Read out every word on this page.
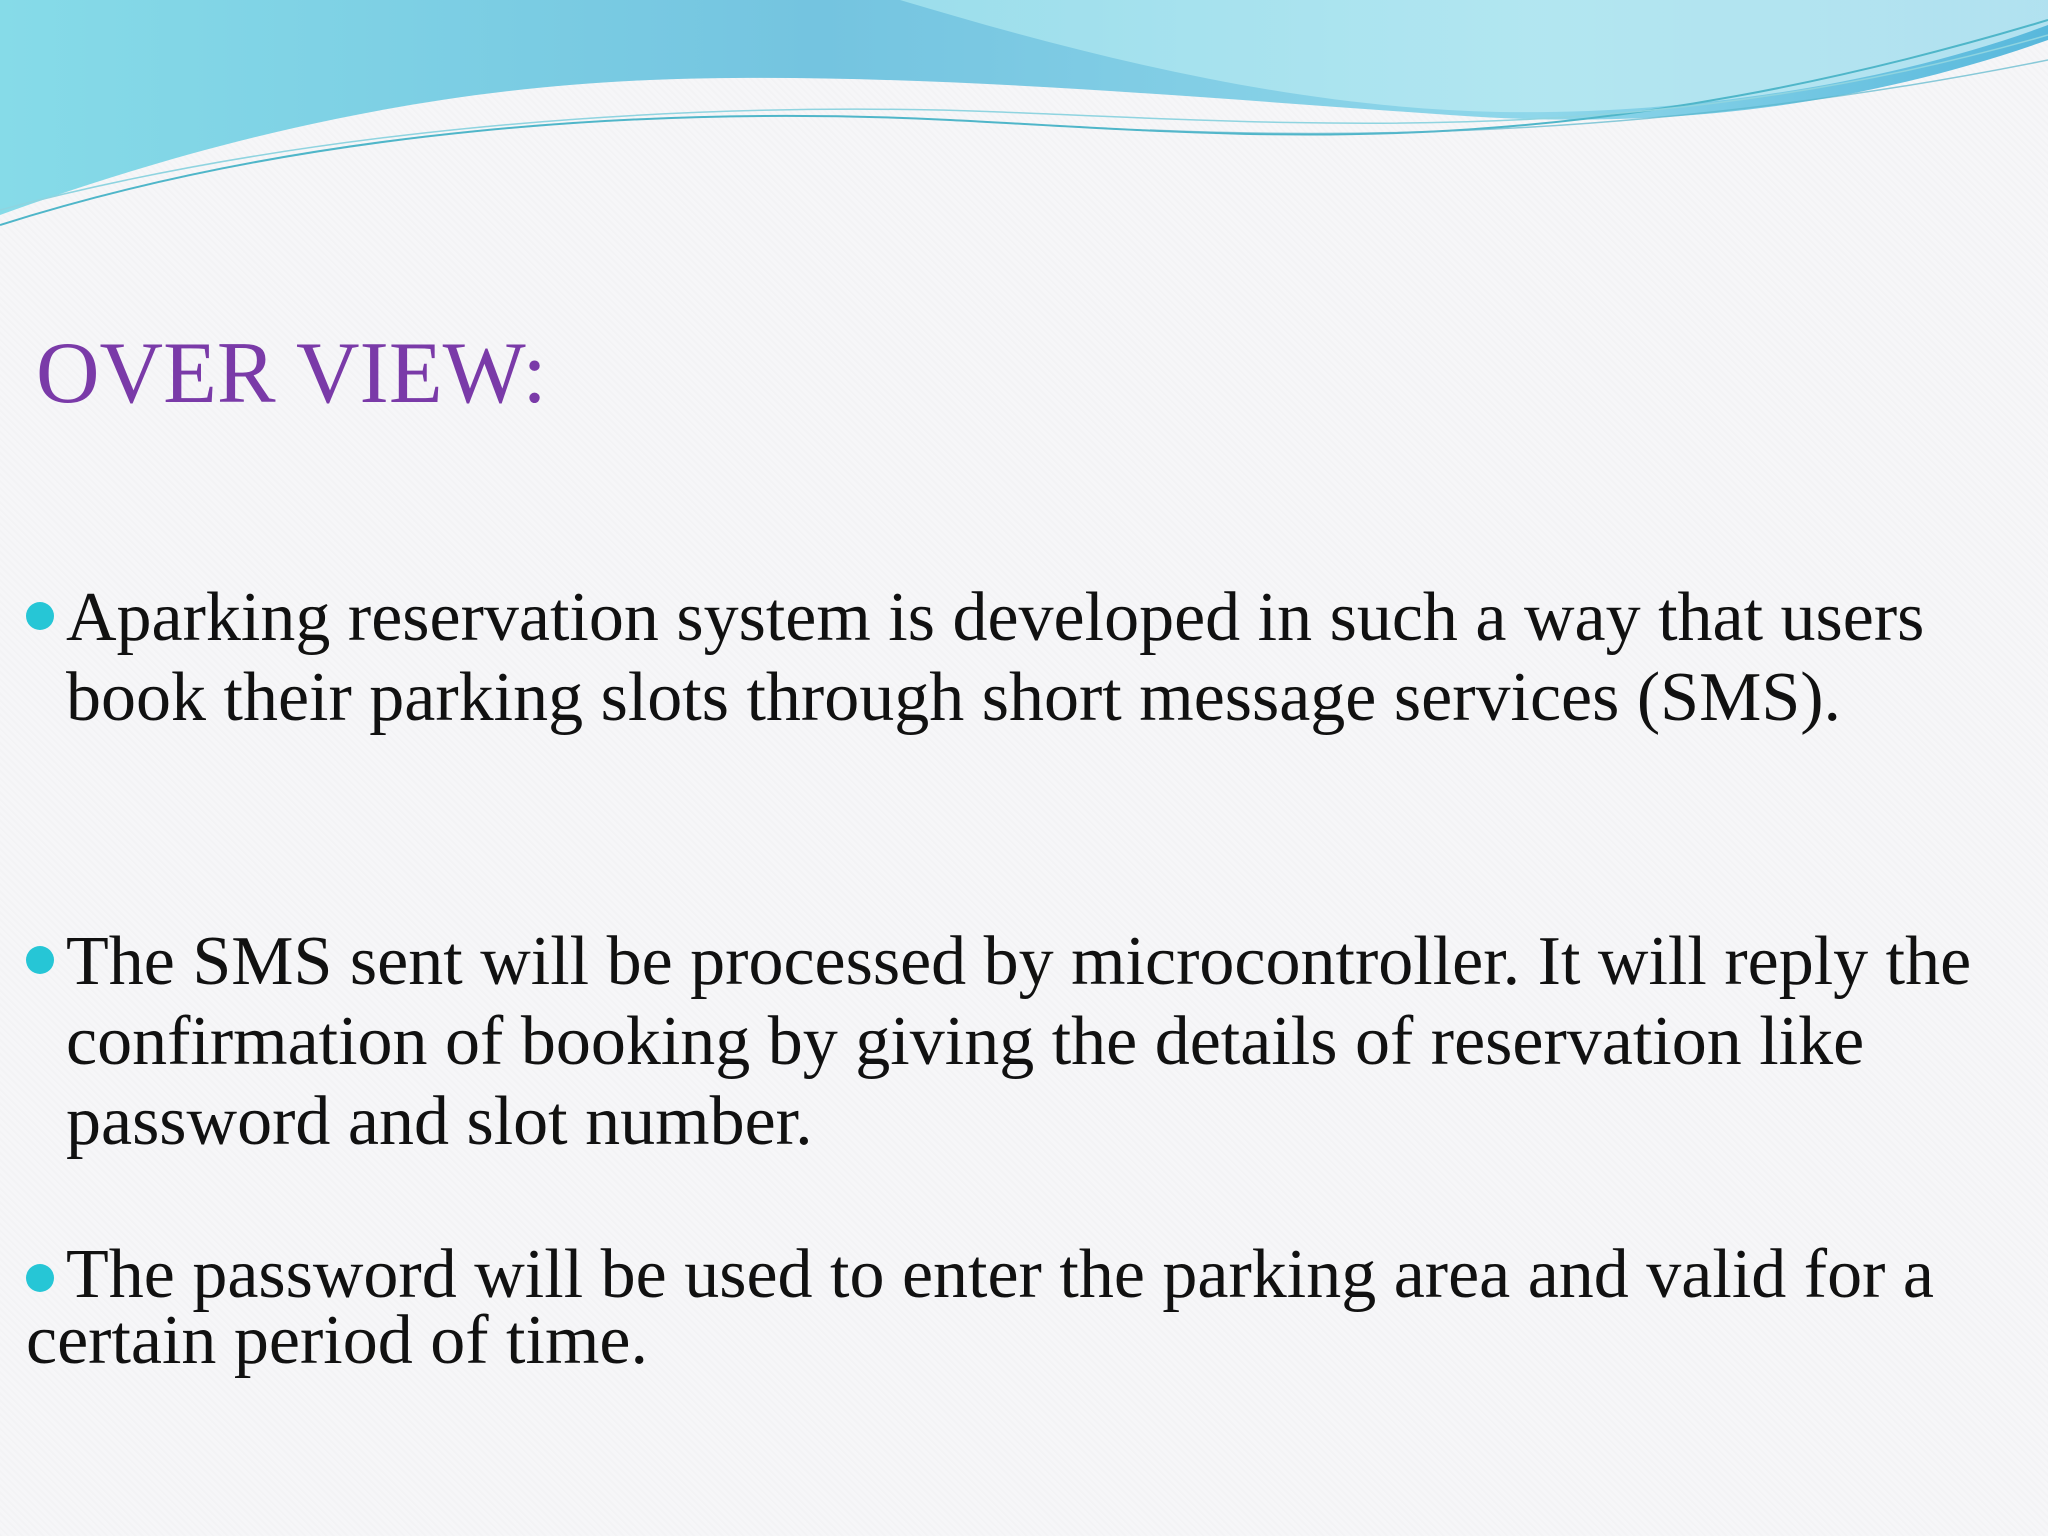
OVER VIEW:
Aparking reservation system is developed in such a way that users book their parking slots through short message services (SMS).
The SMS sent will be processed by microcontroller. It will reply the confirmation of booking by giving the details of reservation like password and slot number.
The password will be used to enter the parking area and valid for a certain period of time.
